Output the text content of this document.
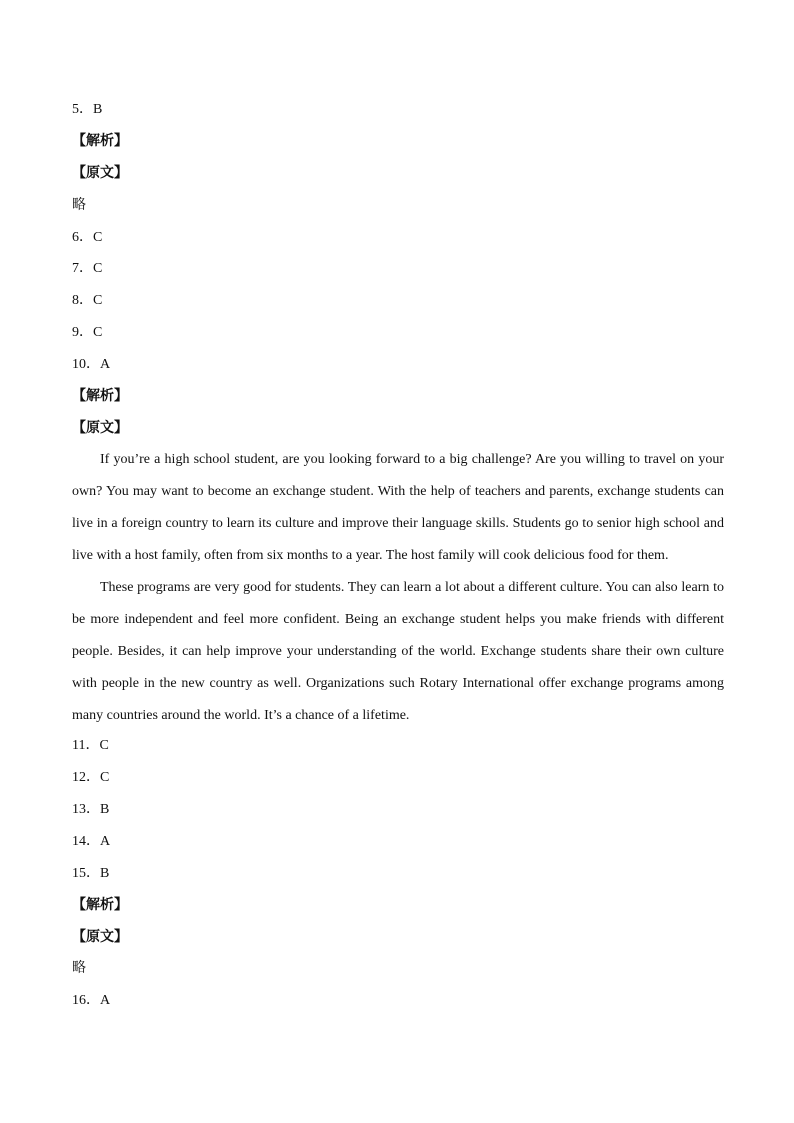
5．B
【解析】
【原文】
略
6．C
7．C
8．C
9．C
10．A
【解析】
【原文】
If you’re a high school student, are you looking forward to a big challenge? Are you willing to travel on your own? You may want to become an exchange student. With the help of teachers and parents, exchange students can live in a foreign country to learn its culture and improve their language skills. Students go to senior high school and live with a host family, often from six months to a year. The host family will cook delicious food for them.
These programs are very good for students. They can learn a lot about a different culture. You can also learn to be more independent and feel more confident. Being an exchange student helps you make friends with different people. Besides, it can help improve your understanding of the world. Exchange students share their own culture with people in the new country as well. Organizations such Rotary International offer exchange programs among many countries around the world. It’s a chance of a lifetime.
11．C
12．C
13．B
14．A
15．B
【解析】
【原文】
略
16．A
